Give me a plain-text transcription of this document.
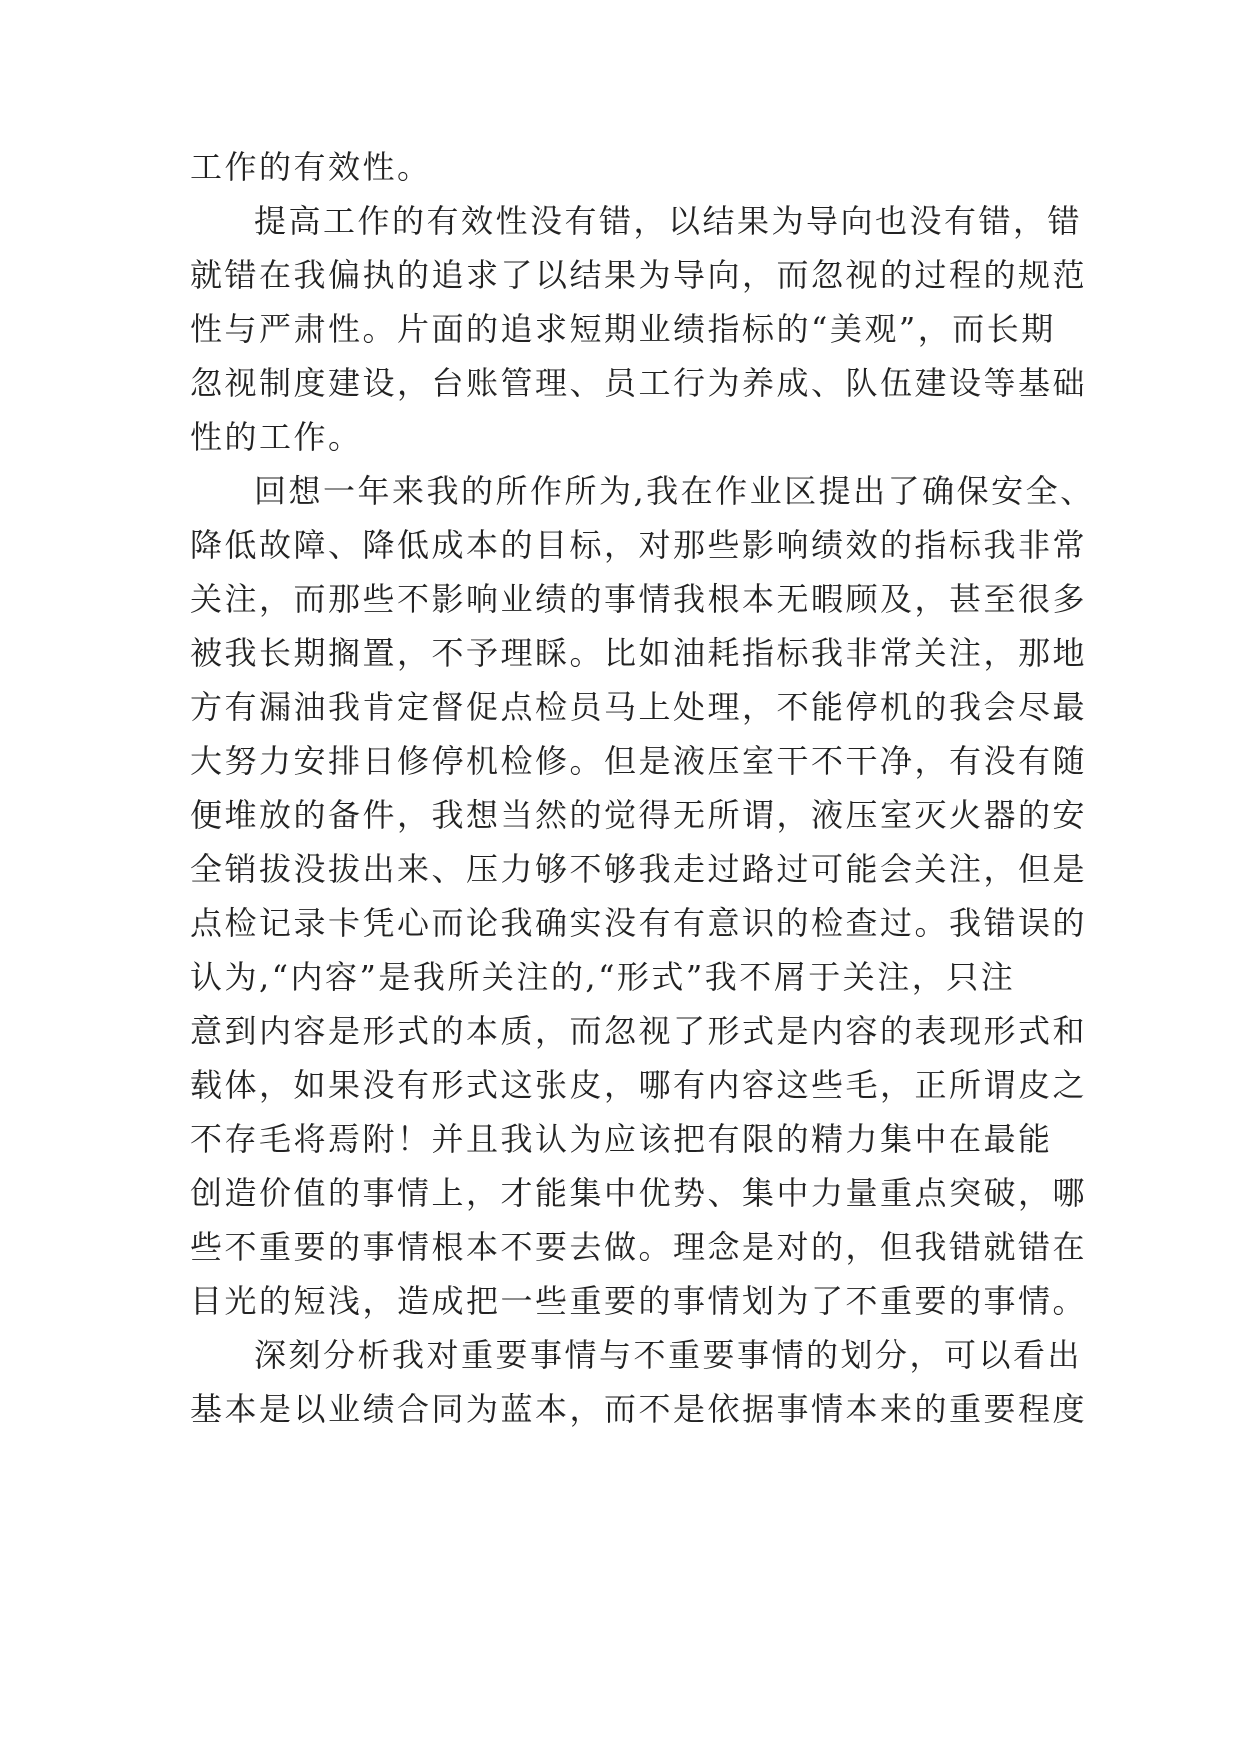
工作的有效性。
提高工作的有效性没有错，以结果为导向也没有错，错
就错在我偏执的追求了以结果为导向，而忽视的过程的规范
性与严肃性。片面的追求短期业绩指标的“美观”，而长期
忽视制度建设，台账管理、员工行为养成、队伍建设等基础
性的工作。
回想一年来我的所作所为,我在作业区提出了确保安全、
降低故障、降低成本的目标，对那些影响绩效的指标我非常
关注，而那些不影响业绩的事情我根本无暇顾及，甚至很多
被我长期搁置，不予理睬。比如油耗指标我非常关注，那地
方有漏油我肯定督促点检员马上处理，不能停机的我会尽最
大努力安排日修停机检修。但是液压室干不干净，有没有随
便堆放的备件，我想当然的觉得无所谓，液压室灭火器的安
全销拔没拔出来、压力够不够我走过路过可能会关注，但是
点检记录卡凭心而论我确实没有有意识的检查过。我错误的
认为,“内容”是我所关注的,“形式”我不屑于关注，只注
意到内容是形式的本质，而忽视了形式是内容的表现形式和
载体，如果没有形式这张皮，哪有内容这些毛，正所谓皮之
不存毛将焉附！并且我认为应该把有限的精力集中在最能
创造价值的事情上，才能集中优势、集中力量重点突破，哪
些不重要的事情根本不要去做。理念是对的，但我错就错在
目光的短浅，造成把一些重要的事情划为了不重要的事情。
深刻分析我对重要事情与不重要事情的划分，可以看出
基本是以业绩合同为蓝本，而不是依据事情本来的重要程度
